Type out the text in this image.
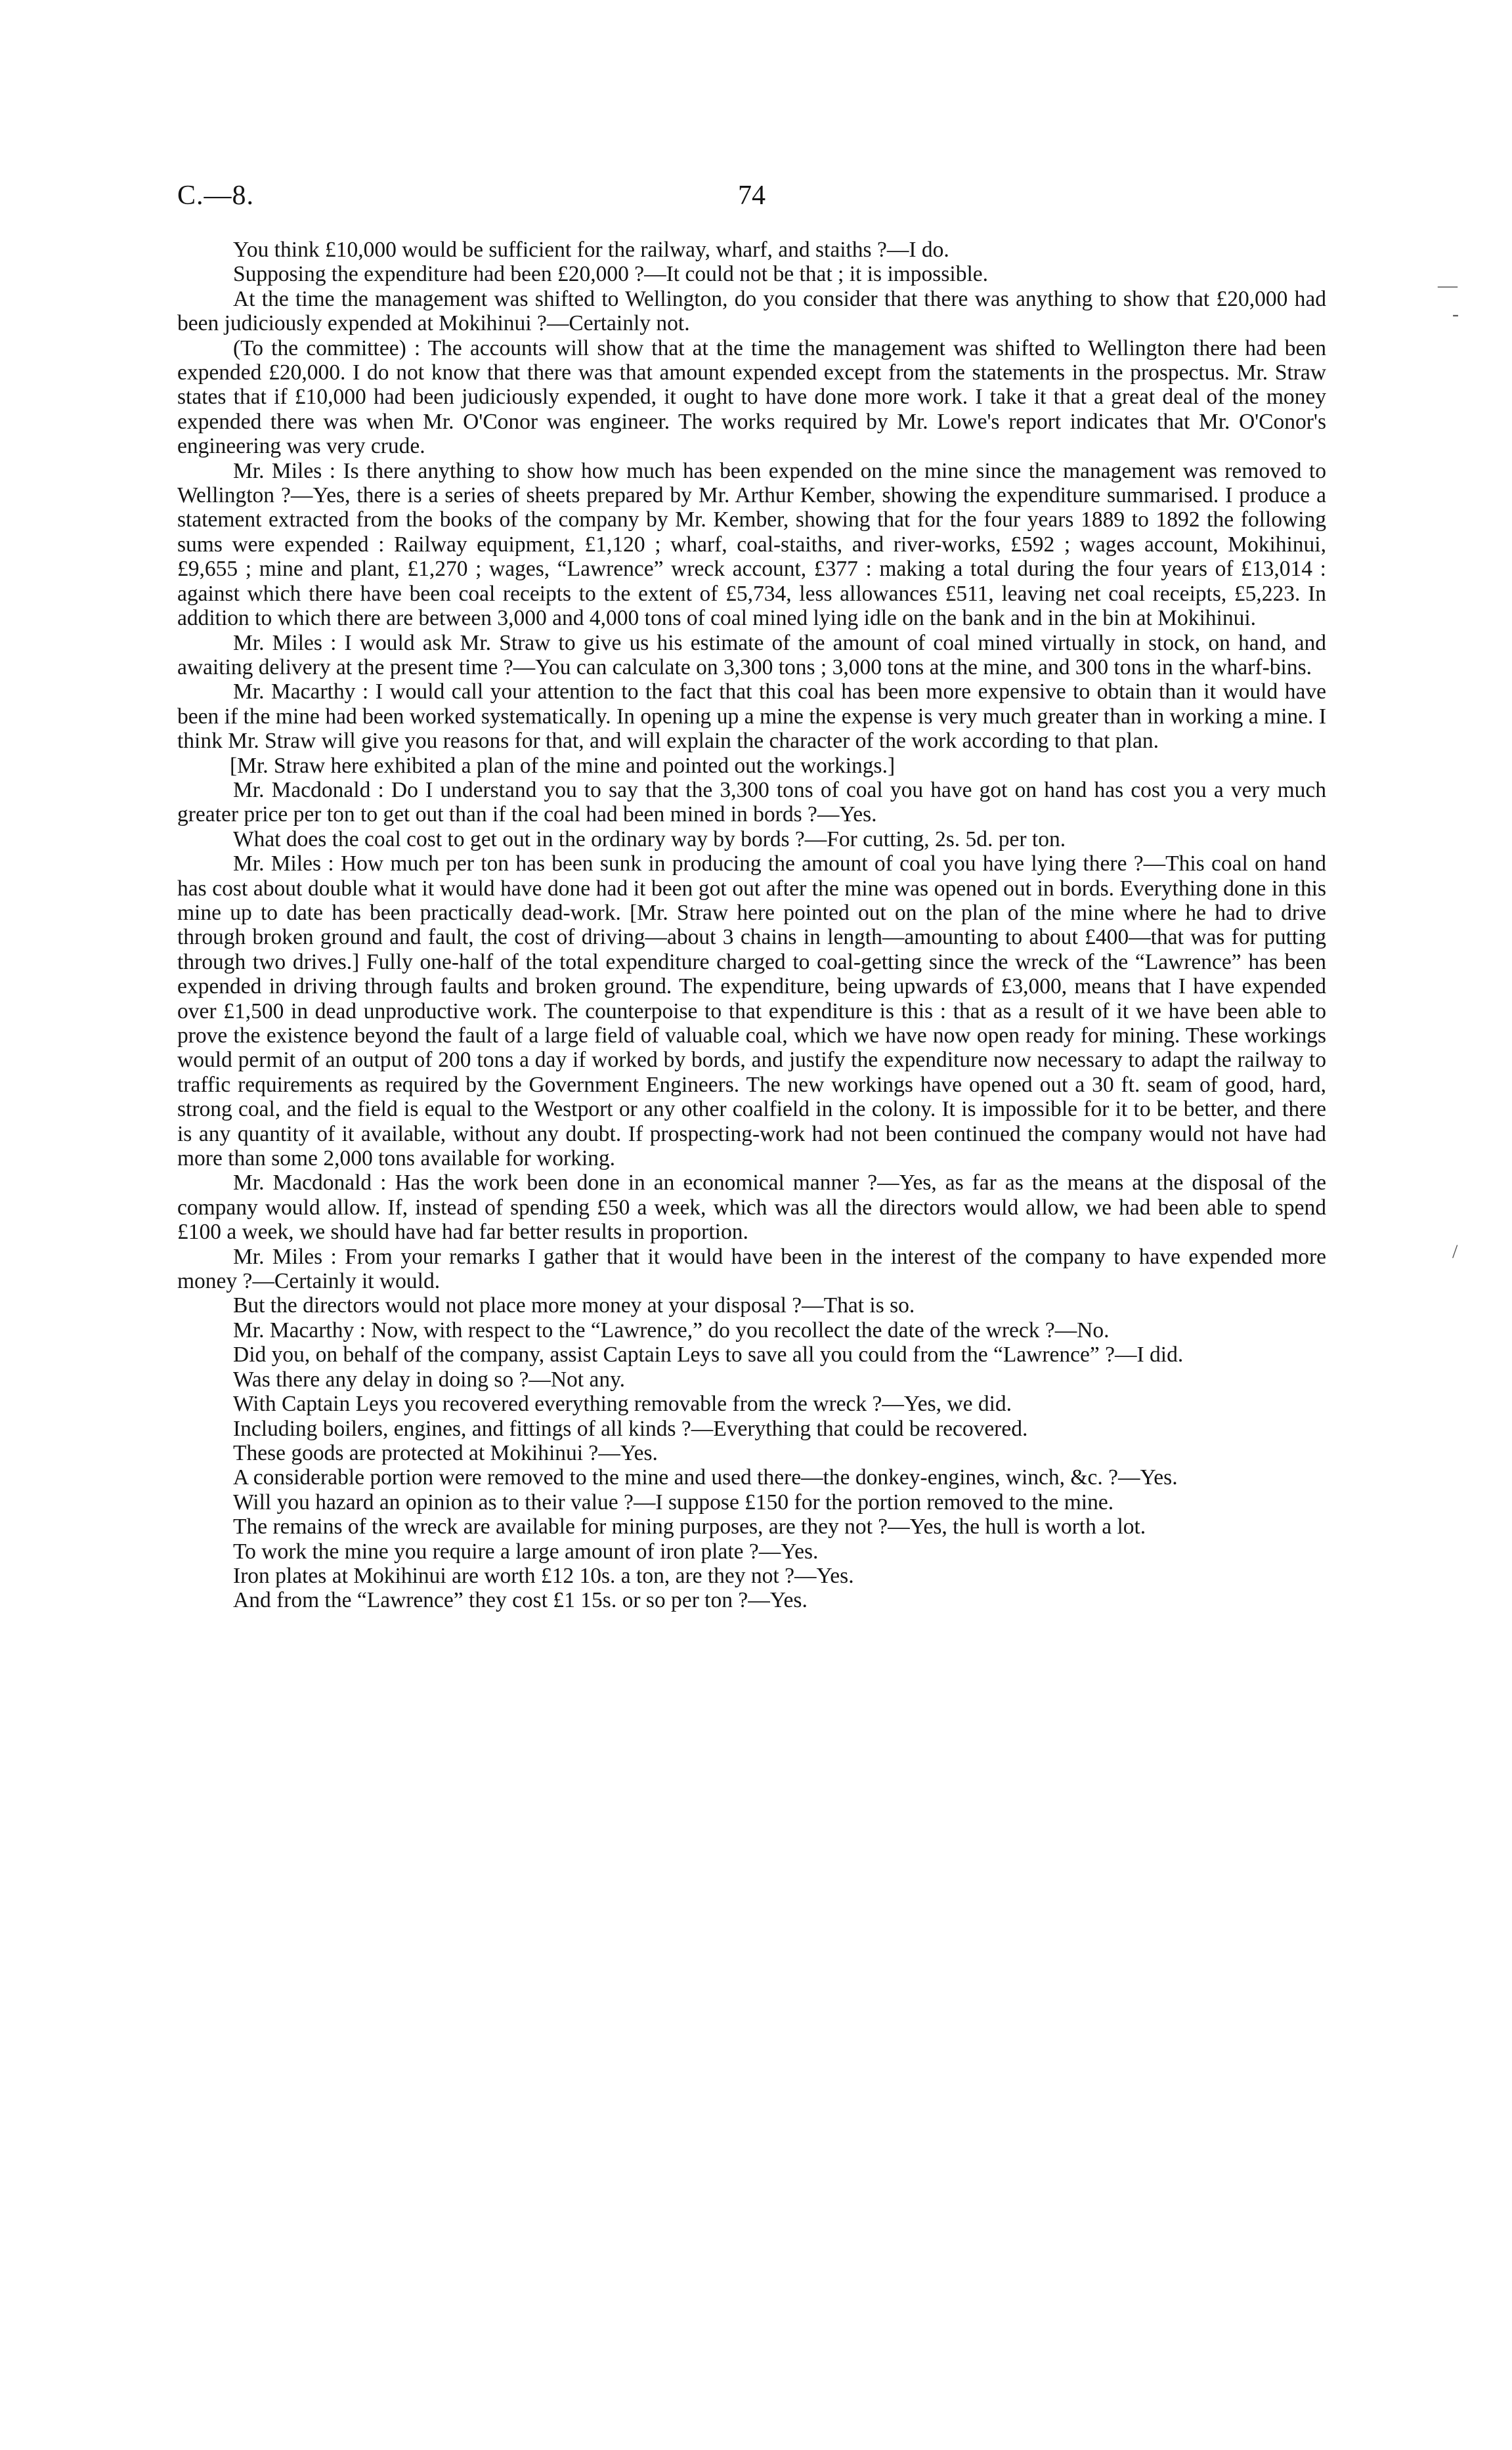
C.—8.	74
—
-
/

You think £10,000 would be sufficient for the railway, wharf, and staiths ?—I do.

Supposing the expenditure had been £20,000 ?—It could not be that ; it is impossible.

At the time the management was shifted to Wellington, do you consider that there was anything to show that £20,000 had been judiciously expended at Mokihinui ?—Certainly not.

(To the committee) : The accounts will show that at the time the management was shifted to Wellington there had been expended £20,000. I do not know that there was that amount expended except from the statements in the prospectus. Mr. Straw states that if £10,000 had been judiciously expended, it ought to have done more work. I take it that a great deal of the money expended there was when Mr. O'Conor was engineer. The works required by Mr. Lowe's report indicates that Mr. O'Conor's engineering was very crude.

Mr. Miles : Is there anything to show how much has been expended on the mine since the management was removed to Wellington ?—Yes, there is a series of sheets prepared by Mr. Arthur Kember, showing the expenditure summarised. I produce a statement extracted from the books of the company by Mr. Kember, showing that for the four years 1889 to 1892 the following sums were expended : Railway equipment, £1,120 ; wharf, coal-staiths, and river-works, £592 ; wages account, Mokihinui, £9,655 ; mine and plant, £1,270 ; wages, “Lawrence” wreck account, £377 : making a total during the four years of £13,014 : against which there have been coal receipts to the extent of £5,734, less allowances £511, leaving net coal receipts, £5,223. In addition to which there are between 3,000 and 4,000 tons of coal mined lying idle on the bank and in the bin at Mokihinui.

Mr. Miles : I would ask Mr. Straw to give us his estimate of the amount of coal mined virtually in stock, on hand, and awaiting delivery at the present time ?—You can calculate on 3,300 tons ; 3,000 tons at the mine, and 300 tons in the wharf-bins.

Mr. Macarthy : I would call your attention to the fact that this coal has been more expensive to obtain than it would have been if the mine had been worked systematically. In opening up a mine the expense is very much greater than in working a mine. I think Mr. Straw will give you reasons for that, and will explain the character of the work according to that plan.

[Mr. Straw here exhibited a plan of the mine and pointed out the workings.]

Mr. Macdonald : Do I understand you to say that the 3,300 tons of coal you have got on hand has cost you a very much greater price per ton to get out than if the coal had been mined in bords ?—Yes.

What does the coal cost to get out in the ordinary way by bords ?—For cutting, 2s. 5d. per ton.

Mr. Miles : How much per ton has been sunk in producing the amount of coal you have lying there ?—This coal on hand has cost about double what it would have done had it been got out after the mine was opened out in bords. Everything done in this mine up to date has been practically dead-work. [Mr. Straw here pointed out on the plan of the mine where he had to drive through broken ground and fault, the cost of driving—about 3 chains in length—amounting to about £400—that was for putting through two drives.] Fully one-half of the total expenditure charged to coal-getting since the wreck of the “Lawrence” has been expended in driving through faults and broken ground. The expenditure, being upwards of £3,000, means that I have expended over £1,500 in dead unproductive work. The counterpoise to that expenditure is this : that as a result of it we have been able to prove the existence beyond the fault of a large field of valuable coal, which we have now open ready for mining. These workings would permit of an output of 200 tons a day if worked by bords, and justify the expenditure now necessary to adapt the railway to traffic requirements as required by the Government Engineers. The new workings have opened out a 30 ft. seam of good, hard, strong coal, and the field is equal to the Westport or any other coalfield in the colony. It is impossible for it to be better, and there is any quantity of it available, without any doubt. If prospecting-work had not been continued the company would not have had more than some 2,000 tons available for working.

Mr. Macdonald : Has the work been done in an economical manner ?—Yes, as far as the means at the disposal of the company would allow. If, instead of spending £50 a week, which was all the directors would allow, we had been able to spend £100 a week, we should have had far better results in proportion.

Mr. Miles : From your remarks I gather that it would have been in the interest of the company to have expended more money ?—Certainly it would.

But the directors would not place more money at your disposal ?—That is so.

Mr. Macarthy : Now, with respect to the “Lawrence,” do you recollect the date of the wreck ?—No.

Did you, on behalf of the company, assist Captain Leys to save all you could from the “Lawrence” ?—I did.

Was there any delay in doing so ?—Not any.

With Captain Leys you recovered everything removable from the wreck ?—Yes, we did.

Including boilers, engines, and fittings of all kinds ?—Everything that could be recovered.

These goods are protected at Mokihinui ?—Yes.

A considerable portion were removed to the mine and used there—the donkey-engines, winch, &c. ?—Yes.

Will you hazard an opinion as to their value ?—I suppose £150 for the portion removed to the mine.

The remains of the wreck are available for mining purposes, are they not ?—Yes, the hull is worth a lot.

To work the mine you require a large amount of iron plate ?—Yes.

Iron plates at Mokihinui are worth £12 10s. a ton, are they not ?—Yes.

And from the “Lawrence” they cost £1 15s. or so per ton ?—Yes.
